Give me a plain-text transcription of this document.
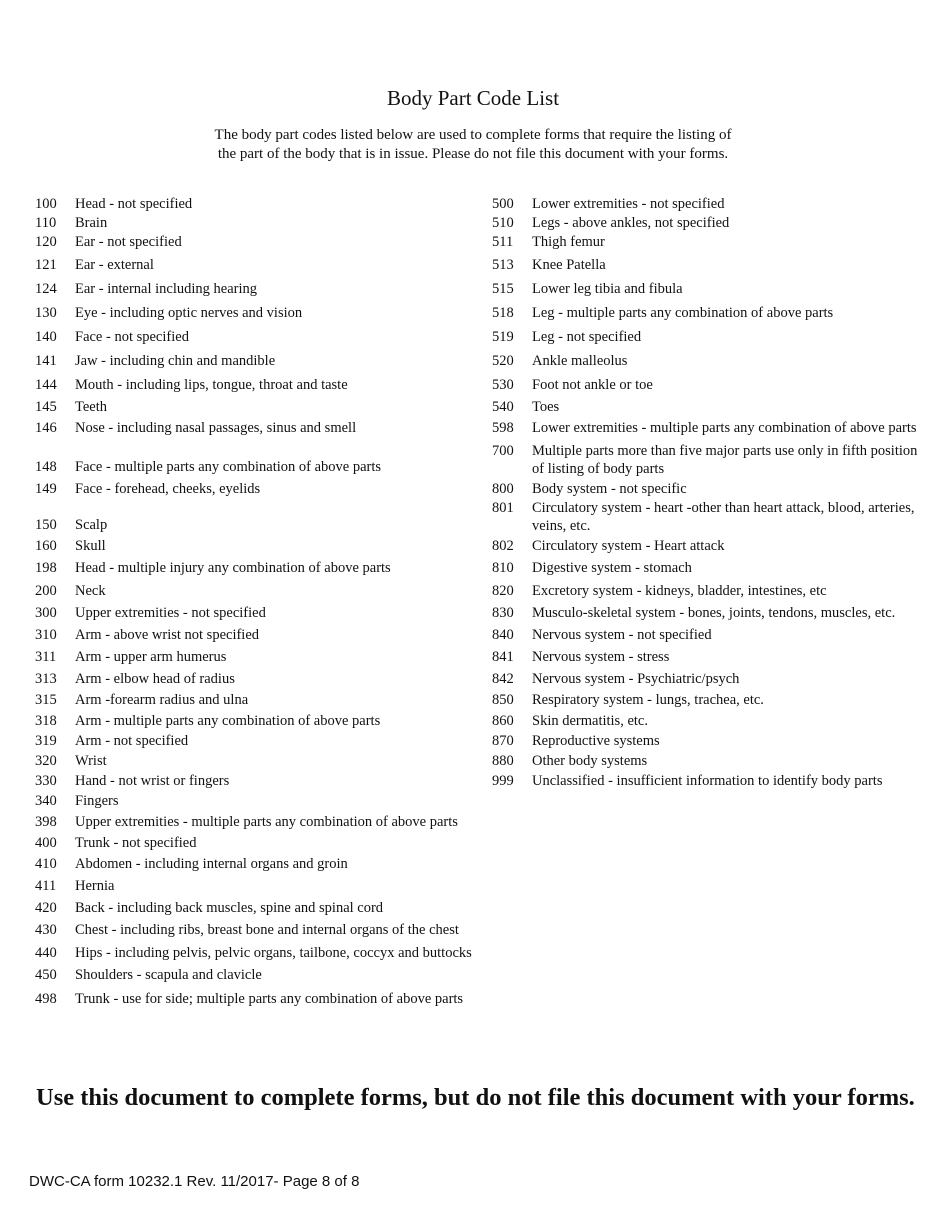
Body Part Code List
The body part codes listed below are used to complete forms that require the listing of
the part of the body that is in issue. Please do not file this document with your forms.
100	Head - not specified
110	Brain
120	Ear - not specified
121	Ear - external
124	Ear - internal including hearing
130	Eye - including optic nerves and vision
140	Face - not specified
141	Jaw - including chin and mandible
144	Mouth - including lips, tongue, throat and taste
145	Teeth
146	Nose - including nasal passages, sinus and smell
148	Face - multiple parts any combination of above parts
149	Face - forehead, cheeks, eyelids
150	Scalp
160	Skull
198	Head - multiple injury any combination of above parts
200	Neck
300	Upper extremities - not specified
310	Arm - above wrist not specified
311	Arm - upper arm humerus
313	Arm - elbow head of radius
315	Arm -forearm radius and ulna
318	Arm - multiple parts any combination of above parts
319	Arm - not specified
320	Wrist
330	Hand - not wrist or fingers
340	Fingers
398	Upper extremities - multiple parts any combination of above parts
400	Trunk - not specified
410	Abdomen - including internal organs and groin
411	Hernia
420	Back - including back muscles, spine and spinal cord
430	Chest - including ribs, breast bone and internal organs of the chest
440	Hips - including pelvis, pelvic organs, tailbone, coccyx and buttocks
450	Shoulders - scapula and clavicle
498	Trunk - use for side; multiple parts any combination of above parts
500	Lower extremities - not specified
510	Legs - above ankles, not specified
511	Thigh femur
513	Knee Patella
515	Lower leg tibia and fibula
518	Leg - multiple parts any combination of above parts
519	Leg - not specified
520	Ankle malleolus
530	Foot not ankle or toe
540	Toes
598	Lower extremities - multiple parts any combination of above parts
700	Multiple parts more than five major parts use only in fifth position of listing of body parts
800	Body system - not specific
801	Circulatory system - heart -other than heart attack, blood, arteries, veins, etc.
802	Circulatory system - Heart attack
810	Digestive system - stomach
820	Excretory system - kidneys, bladder, intestines, etc
830	Musculo-skeletal system - bones, joints, tendons, muscles, etc.
840	Nervous system - not specified
841	Nervous system - stress
842	Nervous system - Psychiatric/psych
850	Respiratory system - lungs, trachea, etc.
860	Skin dermatitis, etc.
870	Reproductive systems
880	Other body systems
999	Unclassified - insufficient information to identify body parts
Use this document to complete forms, but do not file this document with your forms.
DWC-CA form 10232.1 Rev. 11/2017- Page 8 of 8
